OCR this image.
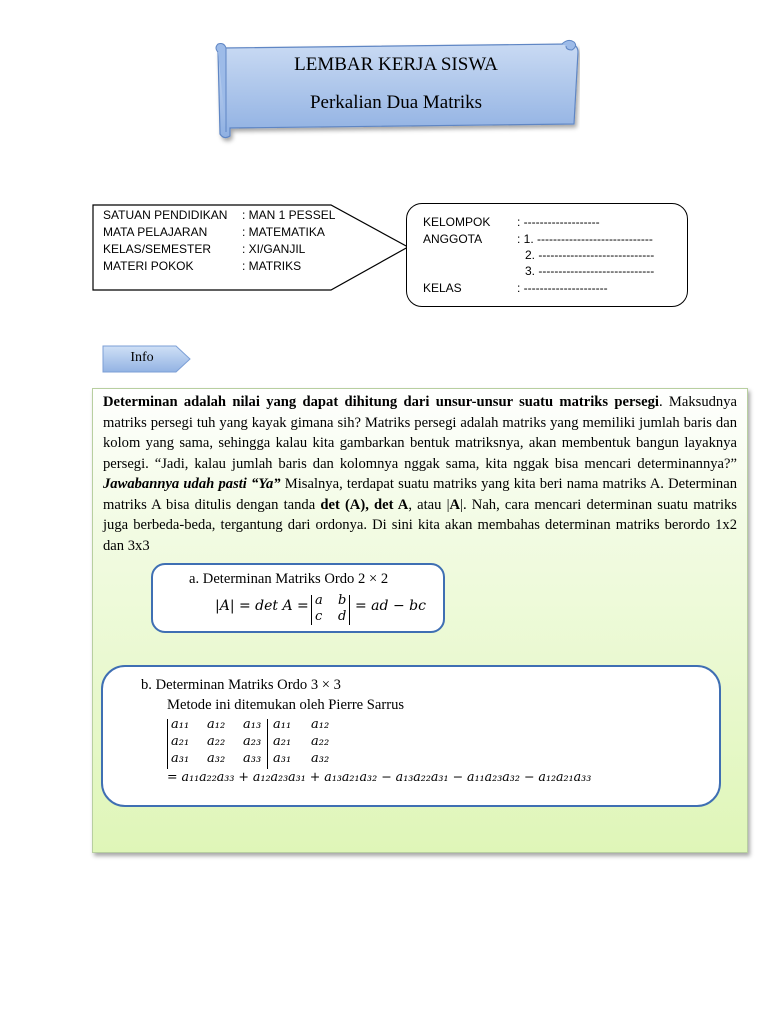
LEMBAR KERJA SISWA
Perkalian Dua Matriks
SATUAN PENDIDIKAN	: MAN 1 PESSEL
MATA PELAJARAN	: MATEMATIKA
KELAS/SEMESTER	: XI/GANJIL
MATERI POKOK	: MATRIKS
KELOMPOK : -------------------
ANGGOTA	: 1. -----------------------------
2. -----------------------------
3. -----------------------------
KELAS	: ---------------------
Info
Determinan adalah nilai yang dapat dihitung dari unsur-unsur suatu matriks persegi. Maksudnya matriks persegi tuh yang kayak gimana sih? Matriks persegi adalah matriks yang memiliki jumlah baris dan kolom yang sama, sehingga kalau kita gambarkan bentuk matriksnya, akan membentuk bangun layaknya persegi. “Jadi, kalau jumlah baris dan kolomnya nggak sama, kita nggak bisa mencari determinannya?” Jawabannya udah pasti “Ya” Misalnya, terdapat suatu matriks yang kita beri nama matriks A. Determinan matriks A bisa ditulis dengan tanda det (A), det A, atau |A|. Nah, cara mencari determinan suatu matriks juga berbeda-beda, tergantung dari ordonya. Di sini kita akan membahas determinan matriks berordo 1x2 dan 3x3
a. Determinan Matriks Ordo 2 × 2
|A| = det A = a b
c d
= ad − bc
b. Determinan Matriks Ordo 3 × 3
Metode ini ditemukan oleh Pierre Sarrus
a₁₁ a₁₂ a₁₃ a₁₁ a₁₂
a₂₁ a₂₂ a₂₃ a₂₁ a₂₂
a₃₁ a₃₂ a₃₃ a₃₁ a₃₂
= a₁₁a₂₂a₃₃ + a₁₂a₂₃a₃₁ + a₁₃a₂₁a₃₂ − a₁₃a₂₂a₃₁ − a₁₁a₂₃a₃₂ − a₁₂a₂₁a₃₃
